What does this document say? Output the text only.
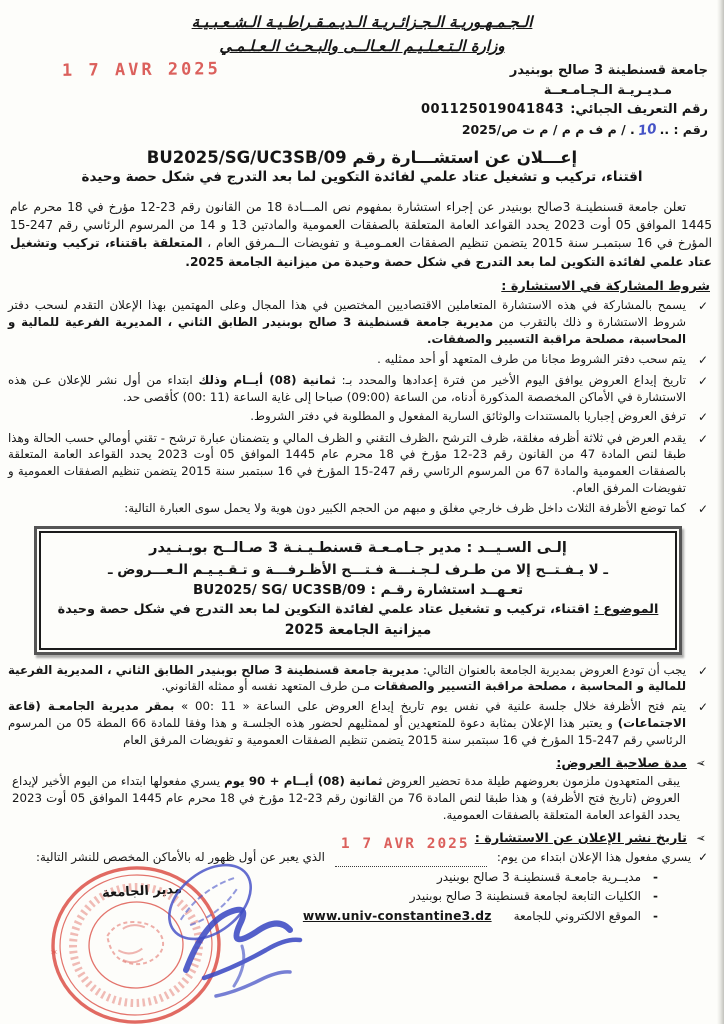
1 7 AVR 2025
الـجـمـهـوريـة الـجـزائـريـة الـديـمـقـراطـيـة الـشـعـبـيـة
وزارة الـتـعـلـيـم الـعـالــى والبـحـث الـعـلـمـي
جامعة قسنطينة 3 صالح بوبنيدر
مـديـريـة الـجـامـعــة
رقم التعريف الجبائي:
001125019041843
رقم : ..
10
. / م ف م م / م ت ص/2025
إعـــلان عن استشـــارة رقم BU2025/SG/UC3SB/09
اقتناء، تركيب و تشغيل عتاد علمي لفائدة التكوين لما بعد التدرج في شكل حصة وحيدة

تعلن جامعة قسنطينـة 3صالح بوبنيدر عن إجراء استشارة بمفهوم نص المـــادة 18 من القانون رقم 23-12 مؤرخ في 18 محرم عام 1445 الموافق 05 أوت 2023 يحدد القواعد العامة المتعلقة بالصفقات العمومية والمادتين 13 و 14 من المرسوم الرئاسي رقم 247-15 المؤرخ في 16 سبتمبـر سنة 2015 يتضمن تنظيم الصفقات العمـوميـة و تفويضات الــمرفق العام ، المتعلقة باقتناء، تركيب وتشغيل عتاد علمي لفائدة التكوين لما بعد التدرج في شكل حصة وحيدة من ميزانية الجامعة 2025.

شروط المشاركة في الاستشارة :
✓
يسمح بالمشاركة في هذه الاستشارة المتعاملين الاقتصاديين المختصين في هذا المجال وعلى المهتمين بهذا الإعلان التقدم لسحب دفتر شروط الاستشارة و ذلك بالتقرب من مديرية جامعة قسنطينة 3 صالح بوبنيدر الطابق الثاني ، المديرية الفرعية للمالية و المحاسبة، مصلحة مراقبة التسيير والصفقات.
✓
يتم سحب دفتر الشروط مجانا من طرف المتعهد أو أحد ممثليه .
✓
تاريخ إيداع العروض يوافق اليوم الأخير من فترة إعدادها والمحدد بـ: ثمانية (08) أيــام وذلك ابتداء من أول نشر للإعلان عـن هذه الاستشارة في الأماكن المخصصة المذكورة أدناه، من الساعة (09:00) صباحا إلى غاية الساعة (00: 11) كأقصى حد.
✓
ترفق العروض إجباريا بالمستندات والوثائق السارية المفعول و المطلوبة في دفتر الشروط.
✓
يقدم العرض في ثلاثة أظرفه مغلقة، ظرف الترشح ،الظرف التقني و الظرف المالي و يتضمنان عبارة ترشح - تقني أومالي حسب الحالة وهذا طبقا لنص المادة 47 من القانون رقم 23-12 مؤرخ في 18 محرم عام 1445 الموافق 05 أوت 2023 يحدد القواعد العامة المتعلقة بالصفقات العمومية والمادة 67 من المرسوم الرئاسي رقم 247-15 المؤرخ في 16 سبتمبر سنة 2015 يتضمن تنظيم الصفقات العمومية و تفويضات المرفق العام.
✓
كما توضع الأظرفة الثلاث داخل ظرف خارجي مغلق و مبهم من الحجم الكبير دون هوية ولا يحمل سوى العبارة التالية:
إلـى السـيــد : مدير جـامـعـة قسنطـيـنـة 3 صـالــح بوبـنـيدر
ـ لا يـفـتــح إلا من طـرف لـجـنـــة فـتـــح الأظـرفـــة و تـقـيـيـم الـعـــروض ـ
تعـهــد استشارة رقـم : BU2025/ SG/ UC3SB/09
الموضوع : اقتناء، تركيب و تشغيل عتاد علمي لفائدة التكوين لما بعد التدرج في شكل حصة وحيدة
ميزانية الجامعة 2025
✓
يجب أن تودع العروض بمديرية الجامعة بالعنوان التالي: مديرية جامعة قسنطينة 3 صالح بوبنيدر الطابق الثاني ، المديرية الفرعية للمالية و المحاسبة ، مصلحة مراقبة التسيير والصفقات مـن طرف المتعهد نفسه أو ممثله القانوني.
✓
يتم فتح الأظرفة خلال جلسة علنية في نفس يوم تاريخ إيداع العروض على الساعة « 00: 11 » بمقر مديرية الجامعـة (قاعة الاجتماعات) و يعتبر هذا الإعلان بمثابة دعوة للمتعهدين أو لممثليهم لحضور هذه الجلسـة و هذا وفقا للمادة 66 المطة 05 من المرسوم الرئاسي رقم 247-15 المؤرخ في 16 سبتمبر سنة 2015 يتضمن تنظيم الصفقات العمومية و تفويضات المرفق العام
➢
مدة صلاحية العروض:

يبقى المتعهدون ملزمون بعروضهم طيلة مدة تحضير العروض ثمانية (08) أيــام + 90 يوم يسري مفعولها ابتداء من اليوم الأخير لإيداع العروض (تاريخ فتح الأظرفة) و هذا طبقا لنص المادة 76 من القانون رقم 23-12 مؤرخ في 18 محرم عام 1445 الموافق 05 أوت 2023 يحدد القواعد العامة المتعلقة بالصفقات العمومية.

➢
تاريخ نشر الإعلان عن الاستشارة :
✓
يسري مفعول هذا الإعلان ابتداء من يوم:
1 7 AVR 2025
الذي يعبر عن أول ظهور له بالأماكن المخصص للنشر التالية:
-
مديــرية جامعـة قسنطينـة 3 صالح بوبنيدر
-
الكليات التابعة لجامعة قسنطينة 3 صالح بوبنيدر
-
الموقع الالكتروني للجامعة
www.univ-constantine3.dz
✶
✶
مدير الجامعة
